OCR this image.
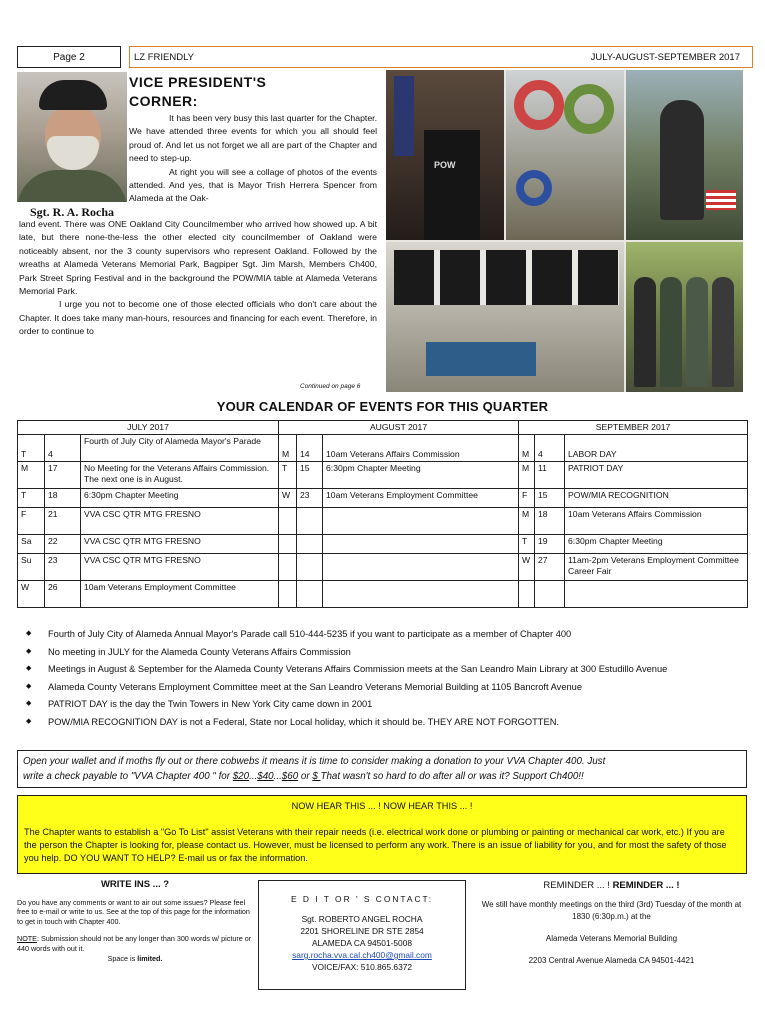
Page 2	LZ FRIENDLY	JULY-AUGUST-SEPTEMBER 2017
Sgt. R. A. Rocha
VICE PRESIDENT'S
CORNER:

It has been very busy this last quarter for the Chapter. We have attended three events for which you all should feel proud of. And let us not forget we all are part of the Chapter and need to step-up.

At right you will see a collage of photos of the events attended. And yes, that is Mayor Trish Herrera Spencer from Alameda at the Oak-

land event. There was ONE Oakland City Councilmember who arrived how showed up. A bit late, but there none-the-less the other elected city councilmember of Oakland were noticeably absent, nor the 3 county supervisors who represent Oakland. Followed by the wreaths at Alameda Veterans Memorial Park, Bagpiper Sgt. Jim Marsh, Members Ch400, Park Street Spring Festival and in the background the POW/MIA table at Alameda Veterans Memorial Park.

I urge you not to become one of those elected officials who don't care about the Chapter. It does take many man-hours, resources and financing for each event. Therefore, in order to continue to

Continued on page 6
POW
YOUR CALENDAR OF EVENTS FOR THIS QUARTER
JULY 2017			AUGUST 2017			SEPTEMBER 2017		
T	4	Fourth of July City of Alameda Mayor's Parade	M	14	10am Veterans Affairs Commission	M	4	LABOR DAY
M	17	No Meeting for the Veterans Affairs Commission. The next one is in August.	T	15	6:30pm Chapter Meeting	M	11	PATRIOT DAY
T	18	6:30pm Chapter Meeting	W	23	10am Veterans Employment Committee	F	15	POW/MIA RECOGNITION
F	21	VVA CSC QTR MTG FRESNO				M	18	10am Veterans Affairs Commission
Sa	22	VVA CSC QTR MTG FRESNO				T	19	6:30pm Chapter Meeting
Su	23	VVA CSC QTR MTG FRESNO				W	27	11am-2pm Veterans Employment Committee Career Fair
W	26	10am Veterans Employment Committee						
◆ Fourth of July City of Alameda Annual Mayor's Parade call 510-444-5235 if you want to participate as a member of Chapter 400
◆ No meeting in JULY for the Alameda County Veterans Affairs Commission
◆ Meetings in August & September for the Alameda County Veterans Affairs Commission meets at the San Leandro Main Library at 300 Estudillo Avenue
◆ Alameda County Veterans Employment Committee meet at the San Leandro Veterans Memorial Building at 1105 Bancroft Avenue
◆ PATRIOT DAY is the day the Twin Towers in New York City came down in 2001
◆ POW/MIA RECOGNITION DAY is not a Federal, State nor Local holiday, which it should be. THEY ARE NOT FORGOTTEN.
Open your wallet and if moths fly out or there cobwebs it means it is time to consider making a donation to your VVA Chapter 400. Just
write a check payable to "VVA Chapter 400 " for $20...$40...$60 or $ That wasn't so hard to do after all or was it? Support Ch400!!
NOW HEAR THIS ... ! NOW HEAR THIS ... !
The Chapter wants to establish a "Go To List" assist Veterans with their repair needs (i.e. electrical work done or plumbing or painting or mechanical car work, etc.) If you are the person the Chapter is looking for, please contact us. However, must be licensed to perform any work. There is an issue of liability for you, and for most the safety of those you help. DO YOU WANT TO HELP? E-mail us or fax the information.
WRITE INS ... ?
Do you have any comments or want to air out some issues? Please feel free to e-mail or write to us. See at the top of this page for the information to get in touch with Chapter 400.
NOTE: Submission should not be any longer than 300 words w/ picture or 440 words with out it.
Space is limited.
E D I T OR ' S CONTACT:
Sgt. ROBERTO ANGEL ROCHA
2201 SHORELINE DR STE 2854
ALAMEDA CA 94501-5008
sarg.rocha.vva.cal.ch400@gmail.com
VOICE/FAX: 510.865.6372
REMINDER ... ! REMINDER ... !
We still have monthly meetings on the third (3rd) Tuesday of the month at 1830 (6:30p.m.) at the
Alameda Veterans Memorial Building
2203 Central Avenue Alameda CA 94501-4421
